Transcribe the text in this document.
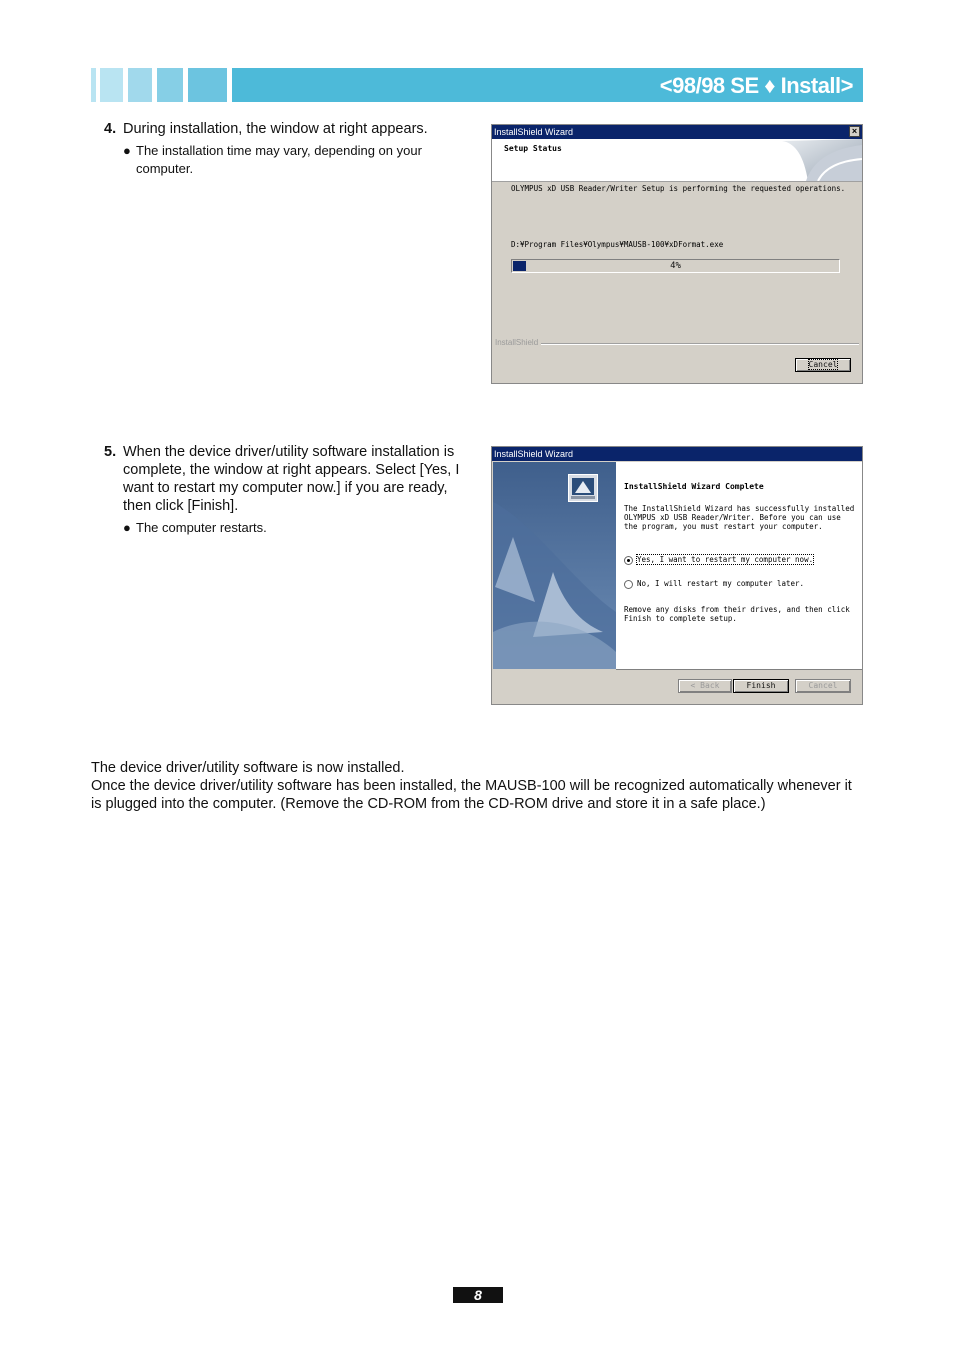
<98/98 SE ♦ Install>
4. During installation, the window at right appears.
● The installation time may vary, depending on your computer.
InstallShield Wizard	×
Setup Status
OLYMPUS xD USB Reader/Writer Setup is performing the requested operations.
D:¥Program Files¥Olympus¥MAUSB-100¥xDFormat.exe
4%
InstallShield
Cancel
5. When the device driver/utility software installation is complete, the window at right appears. Select [Yes, I want to restart my computer now.] if you are ready, then click [Finish].
● The computer restarts.
InstallShield Wizard
InstallShield Wizard Complete
The InstallShield Wizard has successfully installed OLYMPUS xD USB Reader/Writer. Before you can use the program, you must restart your computer.
Yes, I want to restart my computer now.
No, I will restart my computer later.
Remove any disks from their drives, and then click Finish to complete setup.
< Back	Finish	Cancel

The device driver/utility software is now installed.

Once the device driver/utility software has been installed, the MAUSB-100 will be recognized automatically whenever it is plugged into the computer. (Remove the CD-ROM from the CD-ROM drive and store it in a safe place.)

8
